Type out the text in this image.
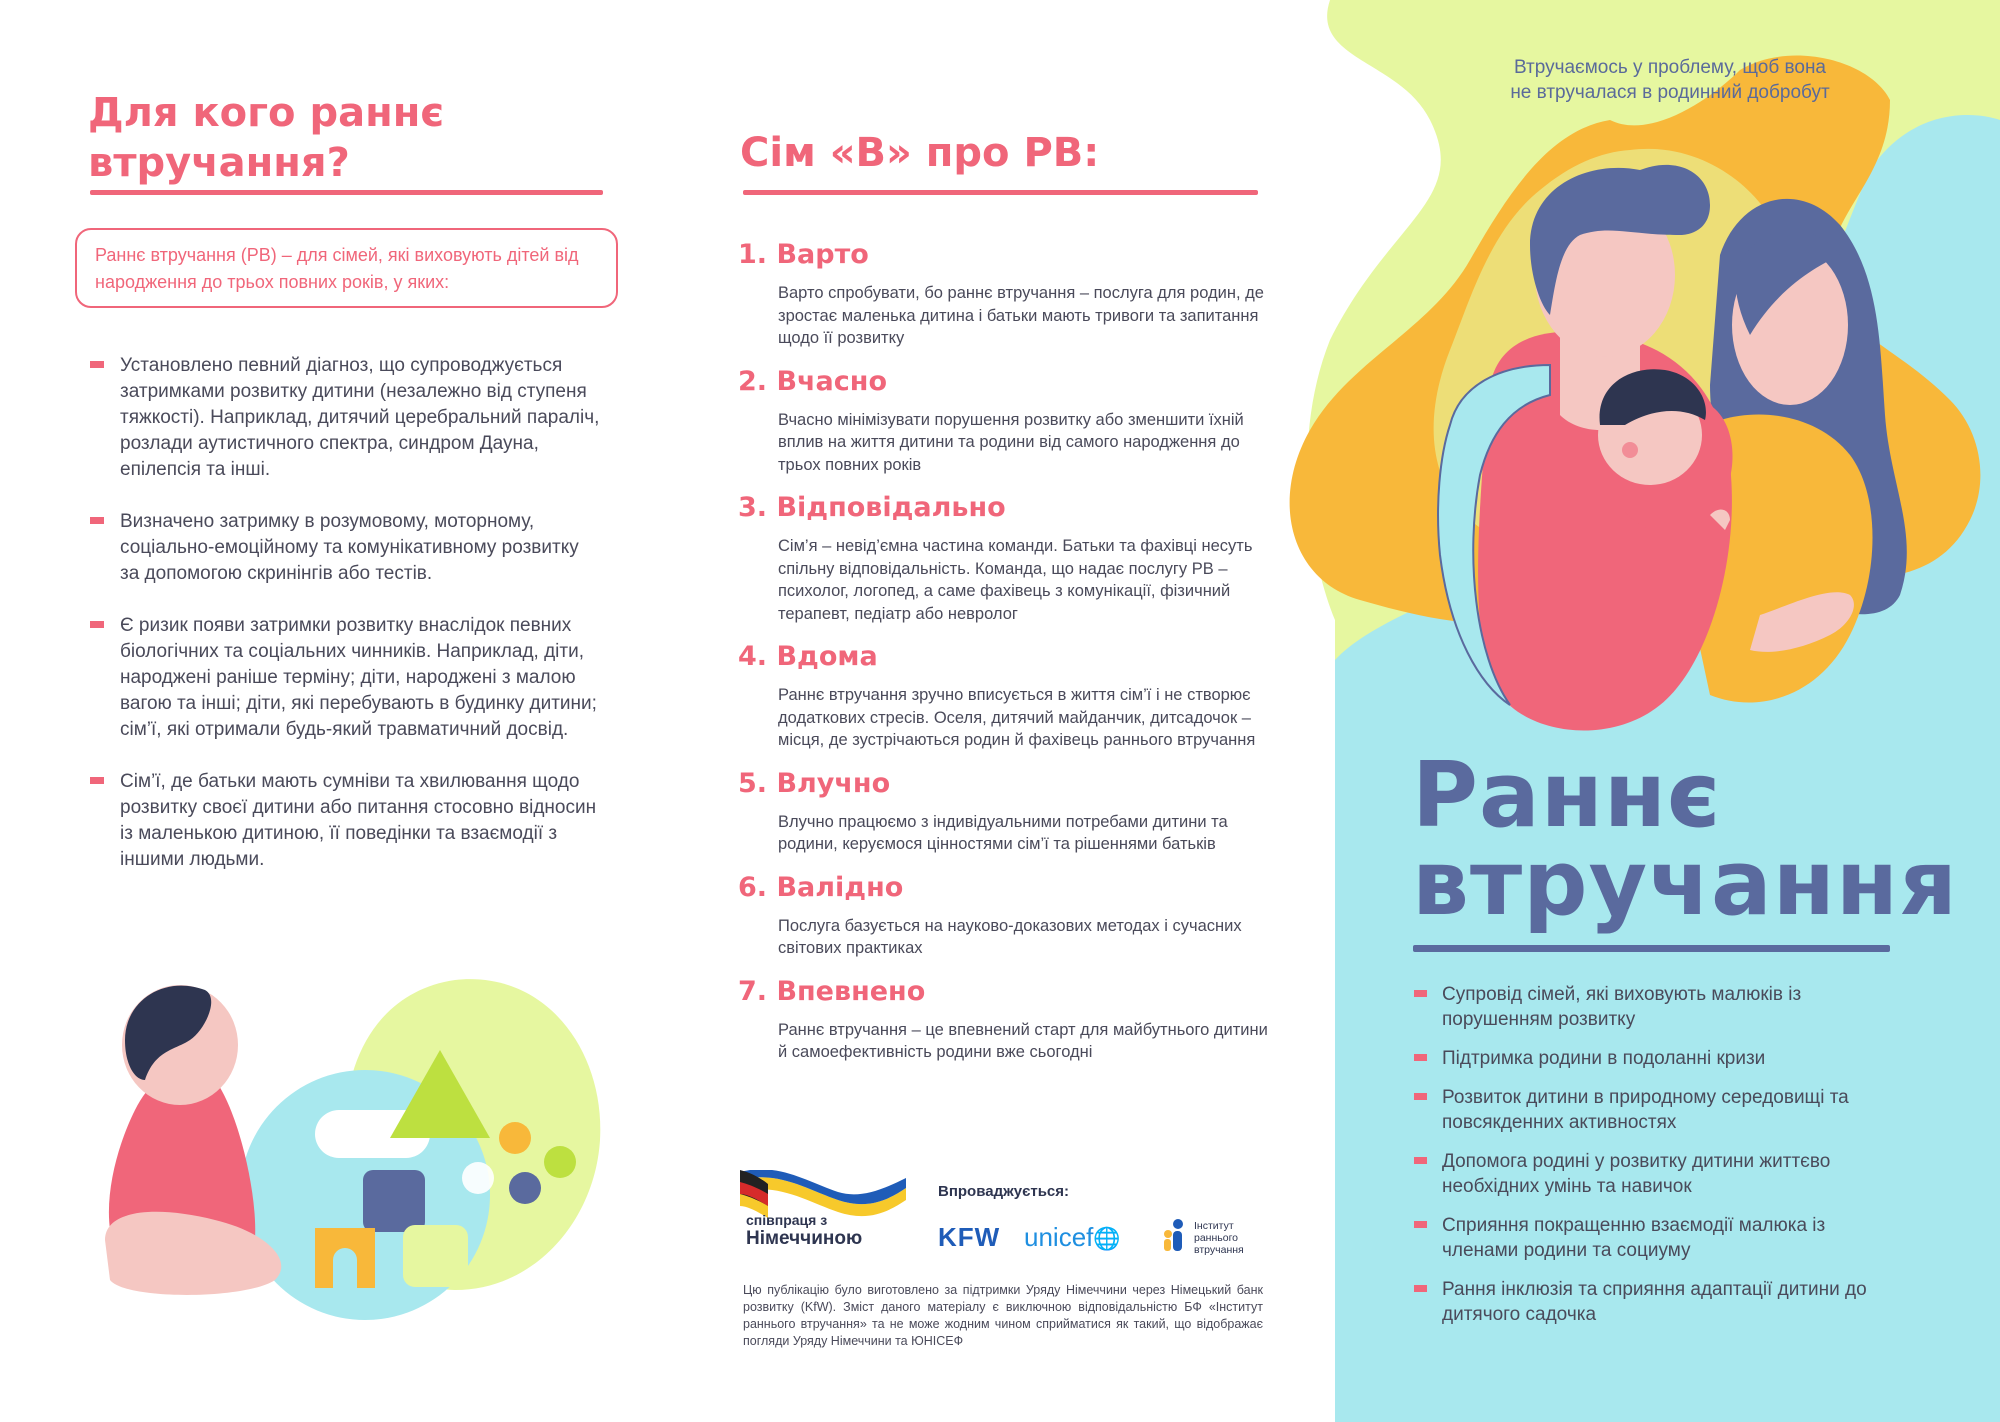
Для кого раннє
втручання?
Раннє втручання (РВ) – для сімей, які виховують дітей від народження до трьох повних років, у яких:
Установлено певний діагноз, що супроводжується затримками розвитку дитини (незалежно від ступеня тяжкості). Наприклад, дитячий церебральний параліч, розлади аутистичного спектра, синдром Дауна, епілепсія та інші.
Визначено затримку в розумовому, моторному, соціально-емоційному та комунікативному розвитку за допомогою скринінгів або тестів.
Є ризик появи затримки розвитку внаслідок певних біологічних та соціальних чинників. Наприклад, діти, народжені раніше терміну; діти, народжені з малою вагою та інші; діти, які перебувають в будинку дитини; сім’ї, які отримали будь-який травматичний досвід.
Сім’ї, де батьки мають сумніви та хвилювання щодо розвитку своєї дитини або питання стосовно відносин із маленькою дитиною, її поведінки та взаємодії з іншими людьми.
Сім «В» про РВ:
1. Варто
Варто спробувати, бо раннє втручання – послуга для родин, де зростає маленька дитина і батьки мають тривоги та запитання щодо її розвитку
2. Вчасно
Вчасно мінімізувати порушення розвитку або зменшити їхній вплив на життя дитини та родини від самого народження до трьох повних років
3. Відповідально
Сім’я – невід’ємна частина команди. Батьки та фахівці несуть спільну відповідальність. Команда, що надає послугу РВ – психолог, логопед, а саме фахівець з комунікації, фізичний терапевт, педіатр або невролог
4. Вдома
Раннє втручання зручно вписується в життя сім’ї і не створює додаткових стресів. Оселя, дитячий майданчик, дитсадочок – місця, де зустрічаються родин й фахівець раннього втручання
5. Влучно
Влучно працюємо з індивідуальними потребами дитини та родини, керуємося цінностями сім’ї та рішеннями батьків
6. Валідно
Послуга базується на науково-доказових методах і сучасних світових практиках
7. Впевнено
Раннє втручання – це впевнений старт для майбутнього дитини й самоефективність родини вже сьогодні
співпраця з
Німеччиною
Впроваджується:
KFW unicef🌐	Інститут раннього втручання
Цю публікацію було виготовлено за підтримки Уряду Німеччини через Німецький банк розвитку (KfW). Зміст даного матеріалу є виключною відповідальністю БФ «Інститут раннього втручання» та не може жодним чином сприйматися як такий, що відображає погляди Уряду Німеччини та ЮНІСЕФ
Втручаємось у проблему, щоб вона
не втручалася в родинний добробут
Раннє
втручання
Супровід сімей, які виховують малюків із порушенням розвитку
Підтримка родини в подоланні кризи
Розвиток дитини в природному середовищі та повсякденних активностях
Допомога родині у розвитку дитини життєво необхідних умінь та навичок
Сприяння покращенню взаємодії малюка із членами родини та социуму
Рання інклюзія та сприяння адаптації дитини до дитячого садочка
